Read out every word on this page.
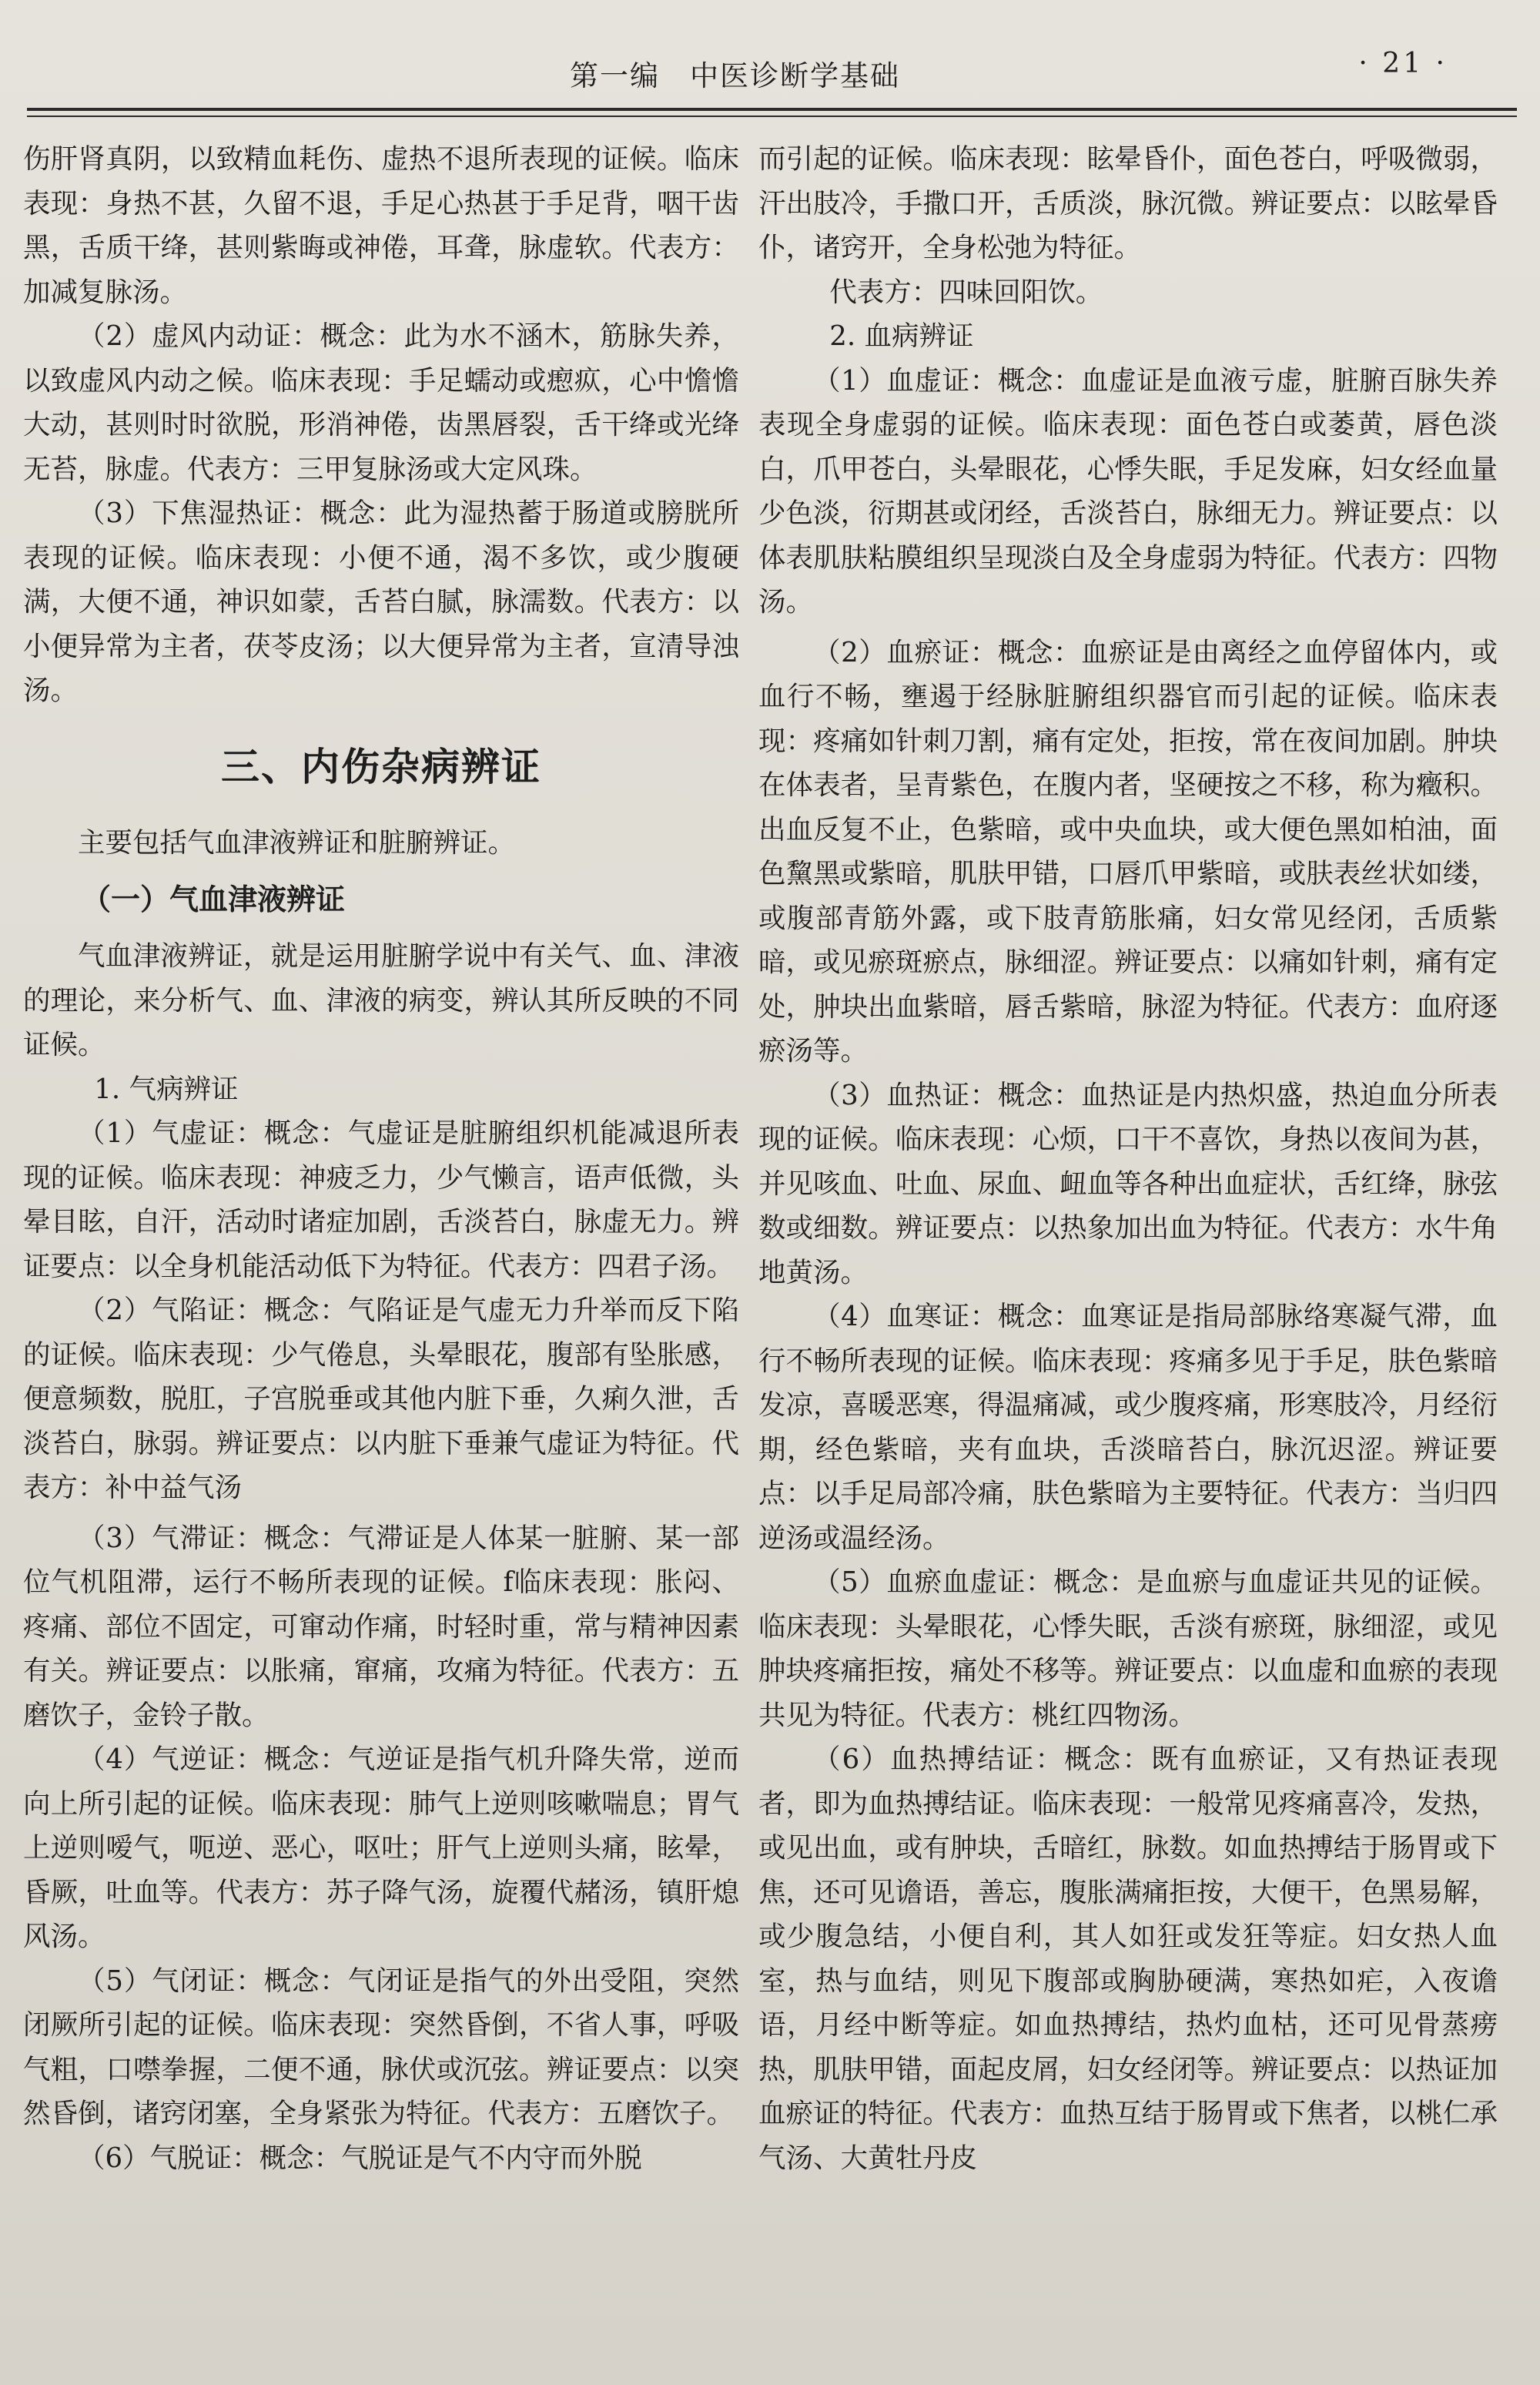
第一编　中医诊断学基础	· 21 ·

伤肝肾真阴，以致精血耗伤、虚热不退所表现的证候。临床表现：身热不甚，久留不退，手足心热甚于手足背，咽干齿黑，舌质干绛，甚则紫晦或神倦，耳聋，脉虚软。代表方：加减复脉汤。

（2）虚风内动证：概念：此为水不涵木，筋脉失养，以致虚风内动之候。临床表现：手足蠕动或瘛疭，心中憺憺大动，甚则时时欲脱，形消神倦，齿黑唇裂，舌干绛或光绛无苔，脉虚。代表方：三甲复脉汤或大定风珠。

（3）下焦湿热证：概念：此为湿热蓄于肠道或膀胱所表现的证候。临床表现：小便不通，渴不多饮，或少腹硬满，大便不通，神识如蒙，舌苔白腻，脉濡数。代表方：以小便异常为主者，茯苓皮汤；以大便异常为主者，宣清导浊汤。

三、内伤杂病辨证

主要包括气血津液辨证和脏腑辨证。

（一）气血津液辨证

气血津液辨证，就是运用脏腑学说中有关气、血、津液的理论，来分析气、血、津液的病变，辨认其所反映的不同证候。

1. 气病辨证

（1）气虚证：概念：气虚证是脏腑组织机能减退所表现的证候。临床表现：神疲乏力，少气懒言，语声低微，头晕目眩，自汗，活动时诸症加剧，舌淡苔白，脉虚无力。辨证要点：以全身机能活动低下为特征。代表方：四君子汤。

（2）气陷证：概念：气陷证是气虚无力升举而反下陷的证候。临床表现：少气倦息，头晕眼花，腹部有坠胀感，便意频数，脱肛，子宫脱垂或其他内脏下垂，久痢久泄，舌淡苔白，脉弱。辨证要点：以内脏下垂兼气虚证为特征。代表方：补中益气汤

（3）气滞证：概念：气滞证是人体某一脏腑、某一部位气机阻滞，运行不畅所表现的证候。f临床表现：胀闷、疼痛、部位不固定，可窜动作痛，时轻时重，常与精神因素有关。辨证要点：以胀痛，窜痛，攻痛为特征。代表方：五磨饮子，金铃子散。

（4）气逆证：概念：气逆证是指气机升降失常，逆而向上所引起的证候。临床表现：肺气上逆则咳嗽喘息；胃气上逆则嗳气，呃逆、恶心，呕吐；肝气上逆则头痛，眩晕，昏厥，吐血等。代表方：苏子降气汤，旋覆代赭汤，镇肝熄风汤。

（5）气闭证：概念：气闭证是指气的外出受阻，突然闭厥所引起的证候。临床表现：突然昏倒，不省人事，呼吸气粗，口噤拳握，二便不通，脉伏或沉弦。辨证要点：以突然昏倒，诸窍闭塞，全身紧张为特征。代表方：五磨饮子。

（6）气脱证：概念：气脱证是气不内守而外脱

而引起的证候。临床表现：眩晕昏仆，面色苍白，呼吸微弱，汗出肢冷，手撒口开，舌质淡，脉沉微。辨证要点：以眩晕昏仆，诸窍开，全身松弛为特征。

代表方：四味回阳饮。

2. 血病辨证

（1）血虚证：概念：血虚证是血液亏虚，脏腑百脉失养表现全身虚弱的证候。临床表现：面色苍白或萎黄，唇色淡白，爪甲苍白，头晕眼花，心悸失眠，手足发麻，妇女经血量少色淡，衍期甚或闭经，舌淡苔白，脉细无力。辨证要点：以体表肌肤粘膜组织呈现淡白及全身虚弱为特征。代表方：四物汤。

（2）血瘀证：概念：血瘀证是由离经之血停留体内，或血行不畅，壅遏于经脉脏腑组织器官而引起的证候。临床表现：疼痛如针刺刀割，痛有定处，拒按，常在夜间加剧。肿块在体表者，呈青紫色，在腹内者，坚硬按之不移，称为癥积。出血反复不止，色紫暗，或中央血块，或大便色黑如柏油，面色黧黑或紫暗，肌肤甲错，口唇爪甲紫暗，或肤表丝状如缕，或腹部青筋外露，或下肢青筋胀痛，妇女常见经闭，舌质紫暗，或见瘀斑瘀点，脉细涩。辨证要点：以痛如针刺，痛有定处，肿块出血紫暗，唇舌紫暗，脉涩为特征。代表方：血府逐瘀汤等。

（3）血热证：概念：血热证是内热炽盛，热迫血分所表现的证候。临床表现：心烦，口干不喜饮，身热以夜间为甚，并见咳血、吐血、尿血、衄血等各种出血症状，舌红绛，脉弦数或细数。辨证要点：以热象加出血为特征。代表方：水牛角地黄汤。

（4）血寒证：概念：血寒证是指局部脉络寒凝气滞，血行不畅所表现的证候。临床表现：疼痛多见于手足，肤色紫暗发凉，喜暖恶寒，得温痛减，或少腹疼痛，形寒肢冷，月经衍期，经色紫暗，夹有血块，舌淡暗苔白，脉沉迟涩。辨证要点：以手足局部冷痛，肤色紫暗为主要特征。代表方：当归四逆汤或温经汤。

（5）血瘀血虚证：概念：是血瘀与血虚证共见的证候。临床表现：头晕眼花，心悸失眠，舌淡有瘀斑，脉细涩，或见肿块疼痛拒按，痛处不移等。辨证要点：以血虚和血瘀的表现共见为特征。代表方：桃红四物汤。

（6）血热搏结证：概念：既有血瘀证，又有热证表现者，即为血热搏结证。临床表现：一般常见疼痛喜冷，发热，或见出血，或有肿块，舌暗红，脉数。如血热搏结于肠胃或下焦，还可见谵语，善忘，腹胀满痛拒按，大便干，色黑易解，或少腹急结，小便自利，其人如狂或发狂等症。妇女热人血室，热与血结，则见下腹部或胸胁硬满，寒热如疟，入夜谵语，月经中断等症。如血热搏结，热灼血枯，还可见骨蒸痨热，肌肤甲错，面起皮屑，妇女经闭等。辨证要点：以热证加血瘀证的特征。代表方：血热互结于肠胃或下焦者，以桃仁承气汤、大黄牡丹皮
